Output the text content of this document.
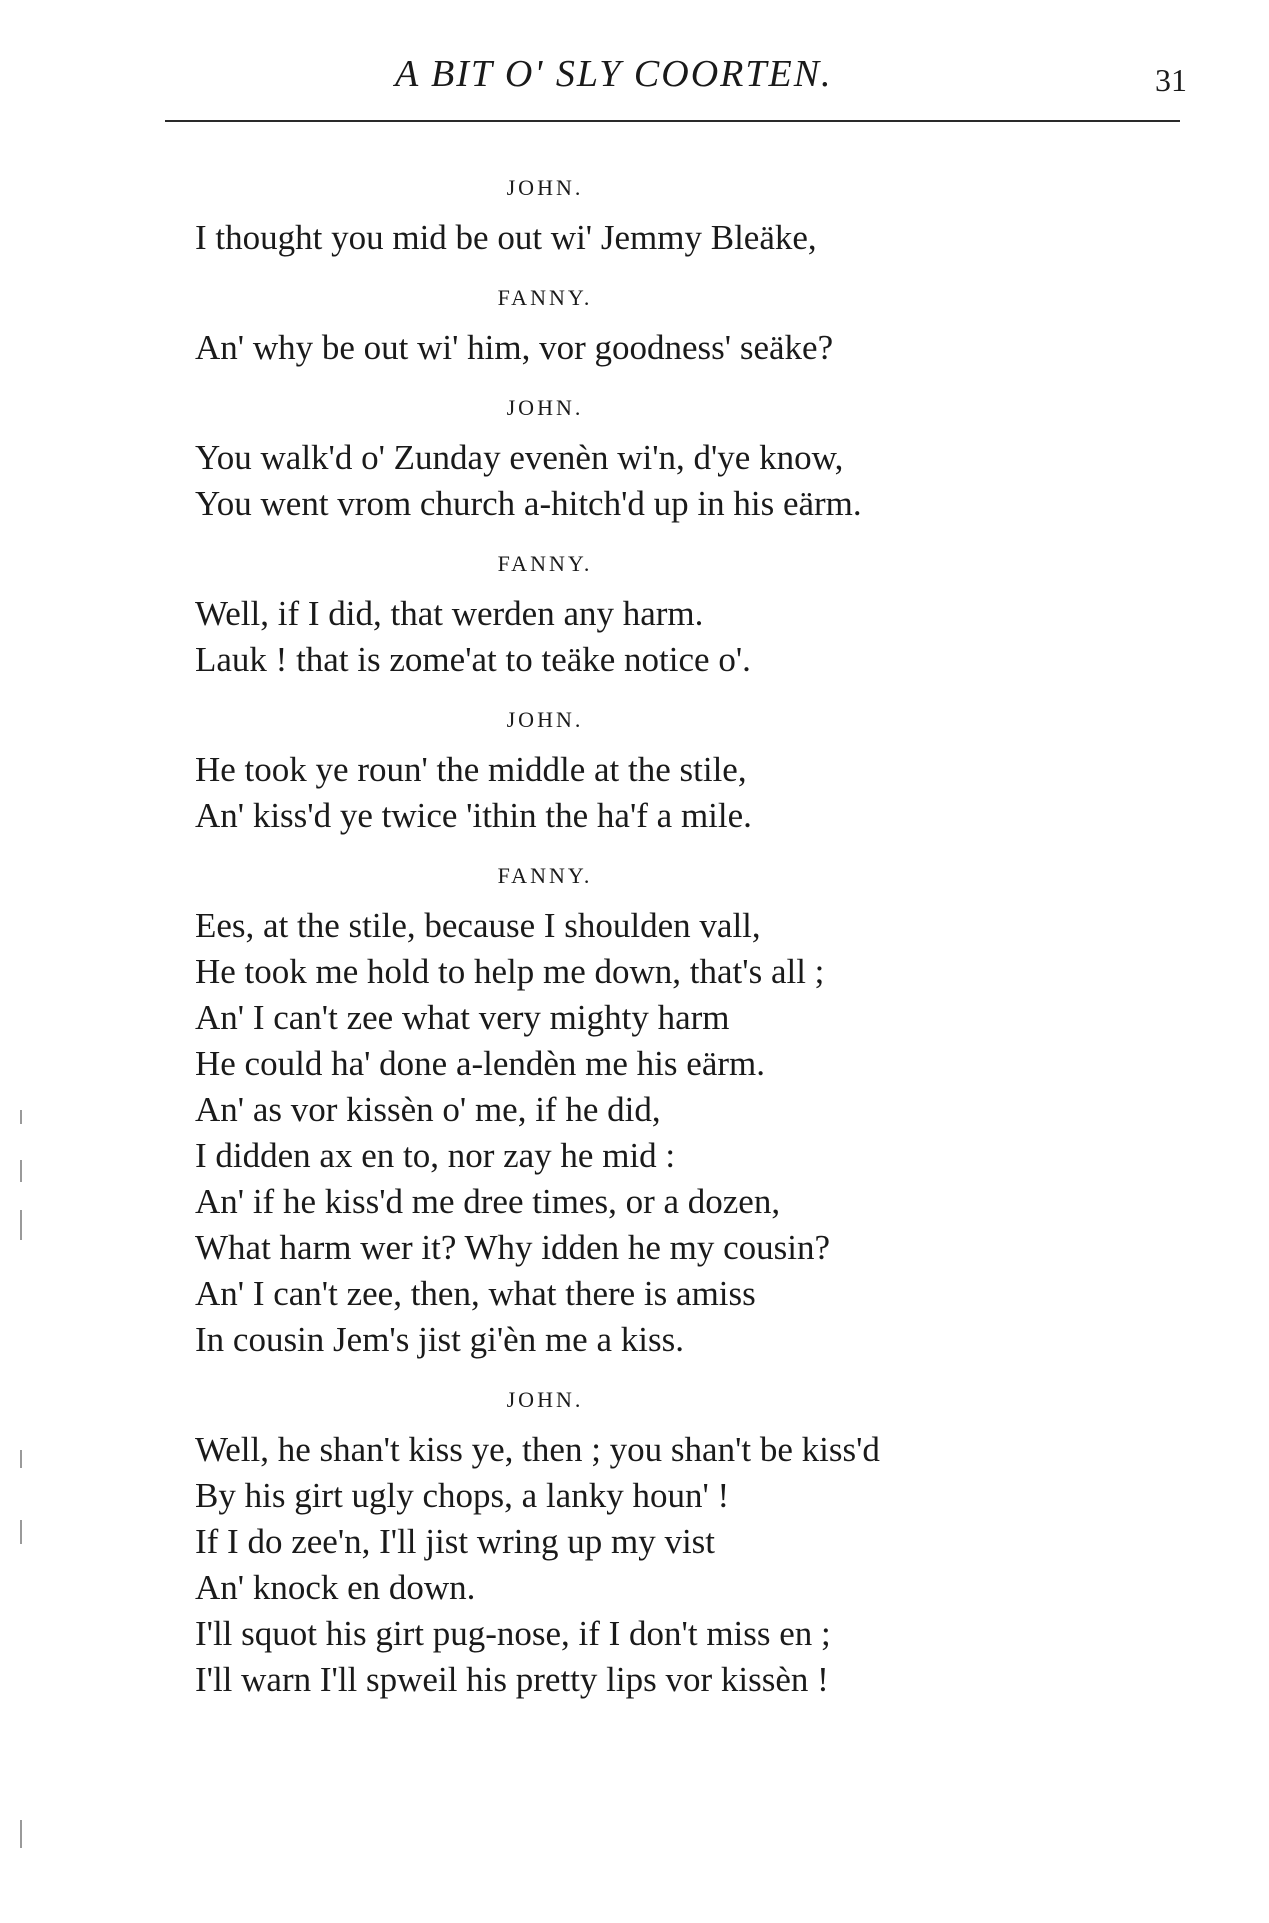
A BIT O' SLY COORTEN.	31
JOHN.
I thought you mid be out wi' Jemmy Bleäke,
FANNY.
An' why be out wi' him, vor goodness' seäke?
JOHN.
You walk'd o' Zunday evenèn wi'n, d'ye know,
You went vrom church a-hitch'd up in his eärm.
FANNY.
Well, if I did, that werden any harm.
Lauk ! that is zome'at to teäke notice o'.
JOHN.
He took ye roun' the middle at the stile,
An' kiss'd ye twice 'ithin the ha'f a mile.
FANNY.
Ees, at the stile, because I shoulden vall,
He took me hold to help me down, that's all ;
An' I can't zee what very mighty harm
He could ha' done a-lendèn me his eärm.
An' as vor kissèn o' me, if he did,
I didden ax en to, nor zay he mid :
An' if he kiss'd me dree times, or a dozen,
What harm wer it? Why idden he my cousin?
An' I can't zee, then, what there is amiss
In cousin Jem's jist gi'èn me a kiss.
JOHN.
Well, he shan't kiss ye, then ; you shan't be kiss'd
By his girt ugly chops, a lanky houn' !
If I do zee'n, I'll jist wring up my vist
An' knock en down.
I'll squot his girt pug-nose, if I don't miss en ;
I'll warn I'll spweil his pretty lips vor kissèn !
